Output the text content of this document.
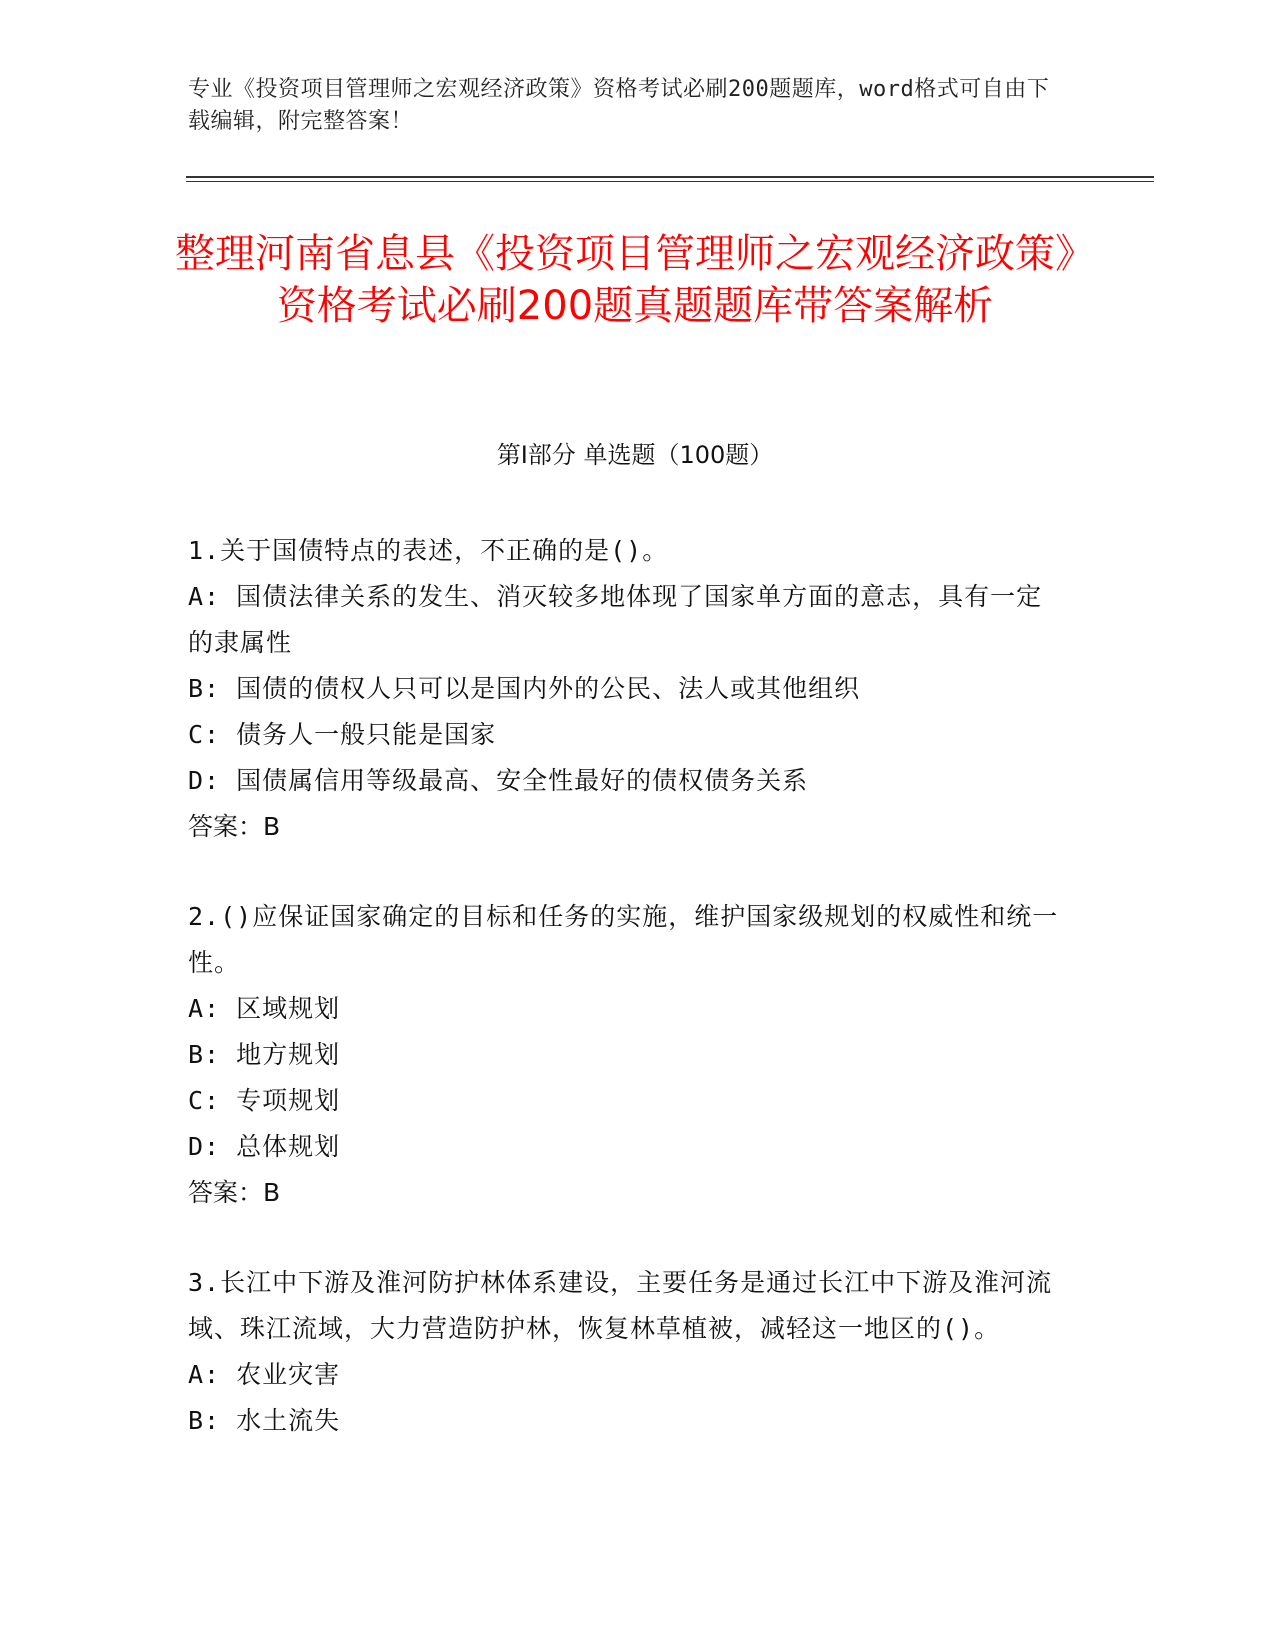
专业《投资项目管理师之宏观经济政策》资格考试必刷200题题库，word格式可自由下载编辑，附完整答案！
整理河南省息县《投资项目管理师之宏观经济政策》资格考试必刷200题真题题库带答案解析
第Ⅰ部分 单选题（100题）

1.关于国债特点的表述，不正确的是()。

A: 国债法律关系的发生、消灭较多地体现了国家单方面的意志，具有一定的隶属性

B: 国债的债权人只可以是国内外的公民、法人或其他组织

C: 债务人一般只能是国家

D: 国债属信用等级最高、安全性最好的债权债务关系

答案：B

2.()应保证国家确定的目标和任务的实施，维护国家级规划的权威性和统一性。

A: 区域规划

B: 地方规划

C: 专项规划

D: 总体规划

答案：B

3.长江中下游及淮河防护林体系建设，主要任务是通过长江中下游及淮河流域、珠江流域，大力营造防护林，恢复林草植被，减轻这一地区的()。

A: 农业灾害

B: 水土流失
